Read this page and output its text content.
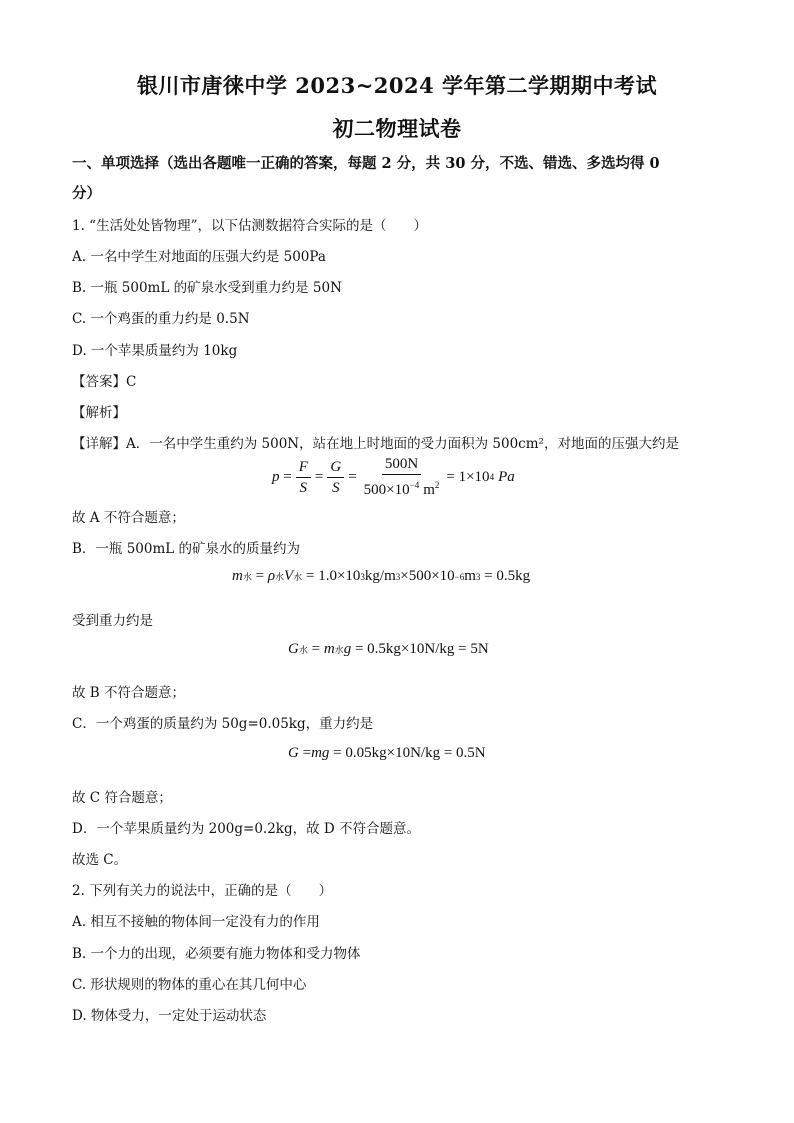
银川市唐徕中学 2023~2024 学年第二学期期中考试
初二物理试卷
一、单项选择（选出各题唯一正确的答案，每题 2 分，共 30 分，不选、错选、多选均得 0
分）
1. “生活处处皆物理”，以下估测数据符合实际的是（　　）
A. 一名中学生对地面的压强大约是 500Pa
B. 一瓶 500mL 的矿泉水受到重力约是 50N
C. 一个鸡蛋的重力约是 0.5N
D. 一个苹果质量约为 10kg
【答案】C
【解析】
【详解】A．一名中学生重约为 500N，站在地上时地面的受力面积为 500cm²，对地面的压强大约是
$p = \frac{F}{S} = \frac{G}{S} = \frac{500N}{500\times 10^{-4} m^2} = 1\times 10$ 4 Pa
故 A 不符合题意；
B．一瓶 500mL 的矿泉水的质量约为
m 水 = ρ 水 V 水
= 1.0×10 3 kg/m 3 ×500×10 −6 m 3
= 0.5kg
受到重力约是
G 水 = m 水 g
= 0.5kg×10N/kg = 5N
故 B 不符合题意；
C．一个鸡蛋的质量约为 50g=0.05kg，重力约是
G
= mg
= 0.05kg×10N/kg = 0.5N
故 C 符合题意；
D．一个苹果质量约为 200g=0.2kg，故 D 不符合题意。
故选 C。
2. 下列有关力的说法中，正确的是（　　）
A. 相互不接触的物体间一定没有力的作用
B. 一个力的出现，必须要有施力物体和受力物体
C. 形状规则的物体的重心在其几何中心
D. 物体受力，一定处于运动状态
